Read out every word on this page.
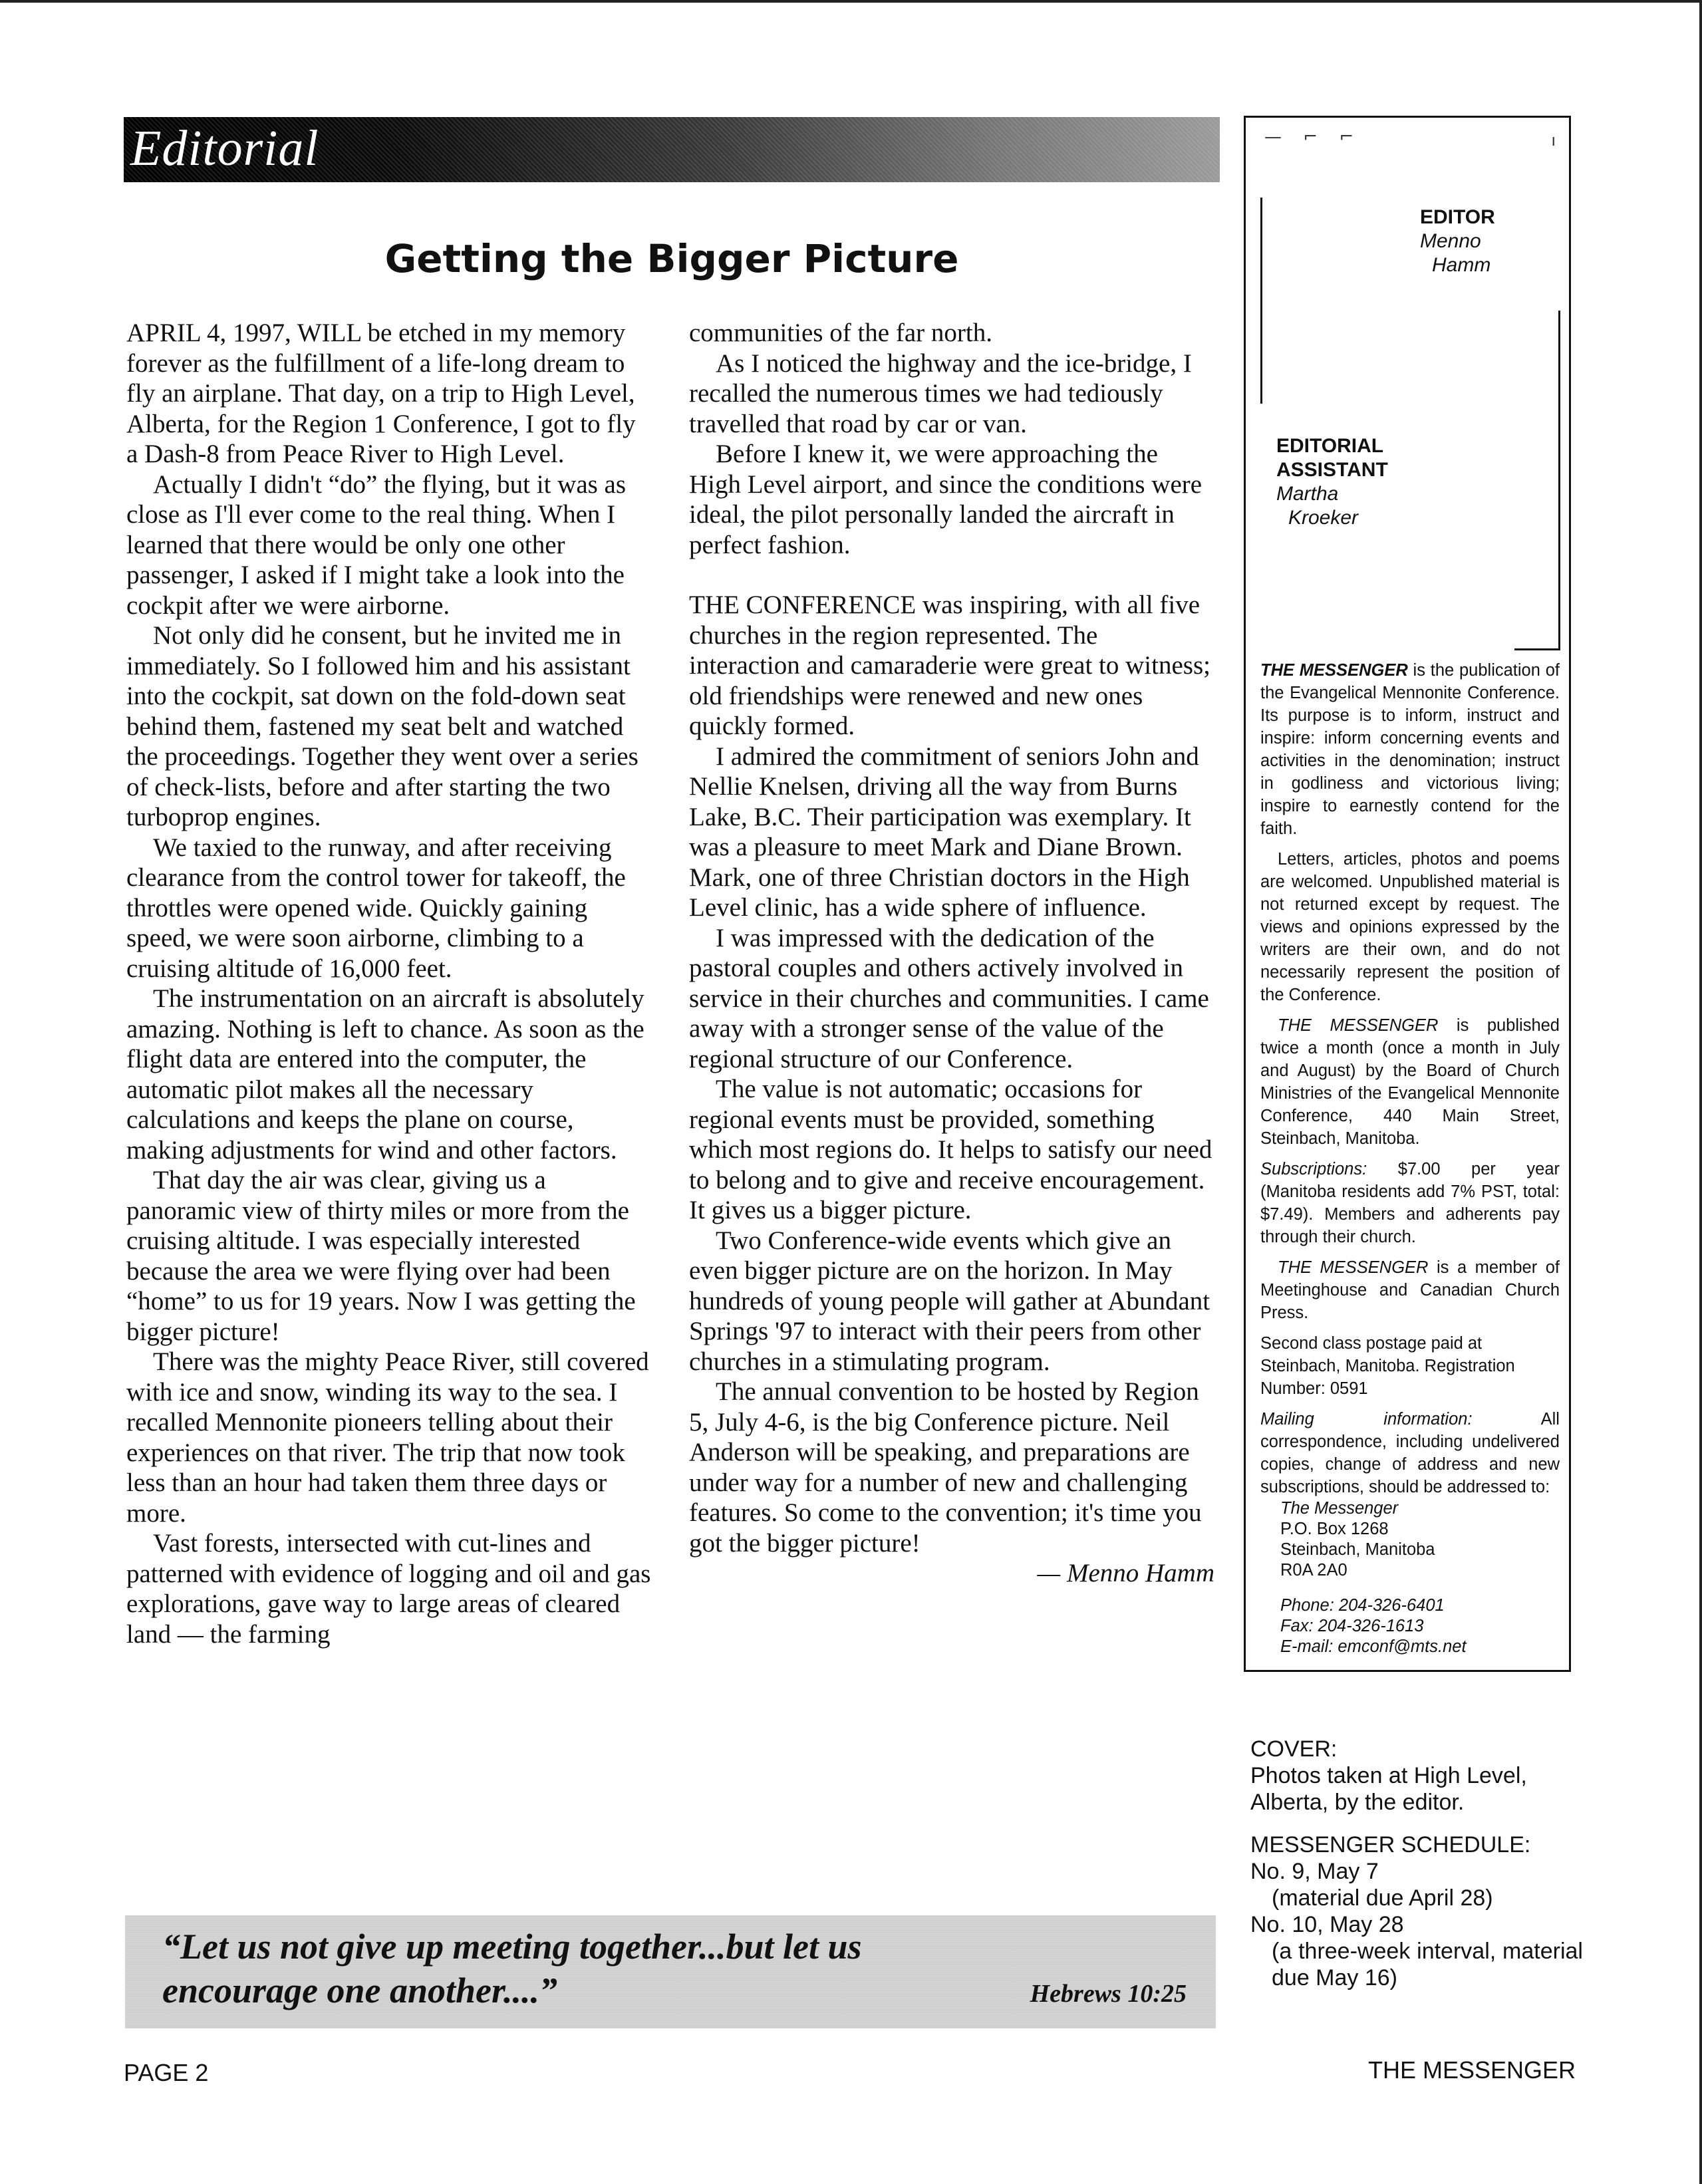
Editorial
Getting the Bigger Picture

APRIL 4, 1997, WILL be etched in my memory forever as the fulfillment of a life-long dream to fly an airplane. That day, on a trip to High Level, Alberta, for the Region 1 Conference, I got to fly a Dash-8 from Peace River to High Level.

Actually I didn't “do” the flying, but it was as close as I'll ever come to the real thing. When I learned that there would be only one other passenger, I asked if I might take a look into the cockpit after we were airborne.

Not only did he consent, but he invited me in immediately. So I followed him and his assistant into the cockpit, sat down on the fold-down seat behind them, fastened my seat belt and watched the proceedings. Together they went over a series of check-lists, before and after starting the two turboprop engines.

We taxied to the runway, and after receiving clearance from the control tower for takeoff, the throttles were opened wide. Quickly gaining speed, we were soon airborne, climbing to a cruising altitude of 16,000 feet.

The instrumentation on an aircraft is absolutely amazing. Nothing is left to chance. As soon as the flight data are entered into the computer, the automatic pilot makes all the necessary calculations and keeps the plane on course, making adjustments for wind and other factors.

That day the air was clear, giving us a panoramic view of thirty miles or more from the cruising altitude. I was especially interested because the area we were flying over had been “home” to us for 19 years. Now I was getting the bigger picture!

There was the mighty Peace River, still covered with ice and snow, winding its way to the sea. I recalled Mennonite pioneers telling about their experiences on that river. The trip that now took less than an hour had taken them three days or more.

Vast forests, intersected with cut-lines and patterned with evidence of logging and oil and gas explorations, gave way to large areas of cleared land — the farming

communities of the far north.

As I noticed the highway and the ice-bridge, I recalled the numerous times we had tediously travelled that road by car or van.

Before I knew it, we were approaching the High Level airport, and since the conditions were ideal, the pilot personally landed the aircraft in perfect fashion.

THE CONFERENCE was inspiring, with all five churches in the region represented. The interaction and camaraderie were great to witness; old friendships were renewed and new ones quickly formed.

I admired the commitment of seniors John and Nellie Knelsen, driving all the way from Burns Lake, B.C. Their participation was exemplary. It was a pleasure to meet Mark and Diane Brown. Mark, one of three Christian doctors in the High Level clinic, has a wide sphere of influence.

I was impressed with the dedication of the pastoral couples and others actively involved in service in their churches and communities. I came away with a stronger sense of the value of the regional structure of our Conference.

The value is not automatic; occasions for regional events must be provided, something which most regions do. It helps to satisfy our need to belong and to give and receive encouragement. It gives us a bigger picture.

Two Conference-wide events which give an even bigger picture are on the horizon. In May hundreds of young people will gather at Abundant Springs '97 to interact with their peers from other churches in a stimulating program.

The annual convention to be hosted by Region 5, July 4-6, is the big Conference picture. Neil Anderson will be speaking, and preparations are under way for a number of new and challenging features. So come to the convention; it's time you got the bigger picture!

— Menno Hamm

— ⌐ ⌐	ı
EDITOR
Menno
Hamm
EDITORIAL
ASSISTANT
Martha
Kroeker

THE MESSENGER is the publication of the Evangelical Mennonite Conference. Its purpose is to inform, instruct and inspire: inform concerning events and activities in the denomination; instruct in godliness and victorious living; inspire to earnestly contend for the faith.

Letters, articles, photos and poems are welcomed. Unpublished material is not returned except by request. The views and opinions expressed by the writers are their own, and do not necessarily represent the position of the Conference.

THE MESSENGER is published twice a month (once a month in July and August) by the Board of Church Ministries of the Evangelical Mennonite Conference, 440 Main Street, Steinbach, Manitoba.

Subscriptions: $7.00 per year (Manitoba residents add 7% PST, total: $7.49). Members and adherents pay through their church.

THE MESSENGER is a member of Meetinghouse and Canadian Church Press.

Second class postage paid at Steinbach, Manitoba. Registration Number: 0591

Mailing information: All correspondence, including undelivered copies, change of address and new subscriptions, should be addressed to:

The Messenger
P.O. Box 1268
Steinbach, Manitoba
R0A 2A0
Phone: 204-326-6401
Fax: 204-326-1613
E-mail: emconf@mts.net
COVER:
Photos taken at High Level, Alberta, by the editor.
MESSENGER SCHEDULE:
No. 9, May 7
(material due April 28)
No. 10, May 28
(a three-week interval, material due May 16)
“Let us not give up meeting together...but let us
encourage one another....”	Hebrews 10:25
PAGE 2	THE MESSENGER
